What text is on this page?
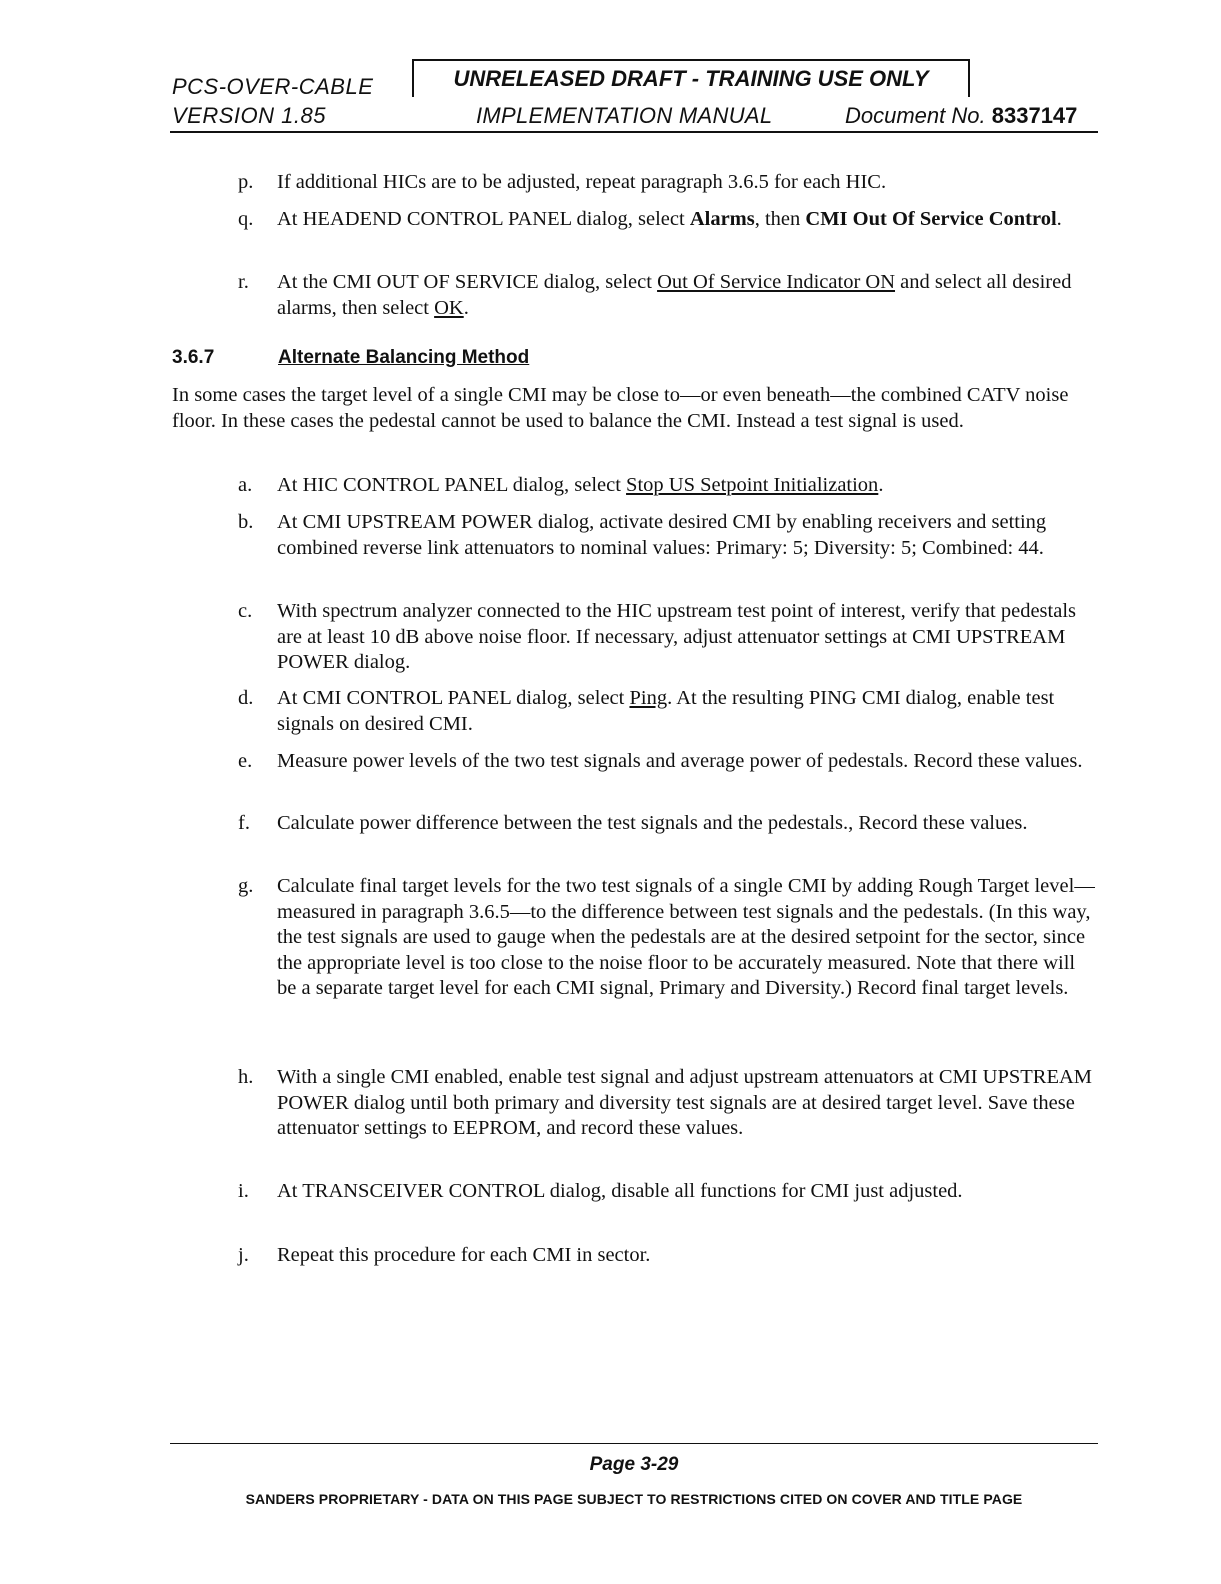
PCS-OVER-CABLE
VERSION 1.85
UNRELEASED DRAFT - TRAINING USE ONLY
IMPLEMENTATION MANUAL	Document No. 8337147
p.	If additional HICs are to be adjusted, repeat paragraph 3.6.5 for each HIC.
q.	At HEADEND CONTROL PANEL dialog, select Alarms, then CMI Out Of Service Control.
r.	At the CMI OUT OF SERVICE dialog, select Out Of Service Indicator ON and select all desired alarms, then select OK.
3.6.7	Alternate Balancing Method
In some cases the target level of a single CMI may be close to—or even beneath—the combined CATV noise floor. In these cases the pedestal cannot be used to balance the CMI. Instead a test signal is used.
a.	At HIC CONTROL PANEL dialog, select Stop US Setpoint Initialization.
b.	At CMI UPSTREAM POWER dialog, activate desired CMI by enabling receivers and setting combined reverse link attenuators to nominal values: Primary: 5; Diversity: 5; Combined: 44.
c.	With spectrum analyzer connected to the HIC upstream test point of interest, verify that pedestals are at least 10 dB above noise floor. If necessary, adjust attenuator settings at CMI UPSTREAM POWER dialog.
d.	At CMI CONTROL PANEL dialog, select Ping. At the resulting PING CMI dialog, enable test signals on desired CMI.
e.	Measure power levels of the two test signals and average power of pedestals. Record these values.
f.	Calculate power difference between the test signals and the pedestals., Record these values.
g.	Calculate final target levels for the two test signals of a single CMI by adding Rough Target level—measured in paragraph 3.6.5—to the difference between test signals and the pedestals. (In this way, the test signals are used to gauge when the pedestals are at the desired setpoint for the sector, since the appropriate level is too close to the noise floor to be accurately measured. Note that there will be a separate target level for each CMI signal, Primary and Diversity.) Record final target levels.
h.	With a single CMI enabled, enable test signal and adjust upstream attenuators at CMI UPSTREAM POWER dialog until both primary and diversity test signals are at desired target level. Save these attenuator settings to EEPROM, and record these values.
i.	At TRANSCEIVER CONTROL dialog, disable all functions for CMI just adjusted.
j.	Repeat this procedure for each CMI in sector.
Page 3-29
SANDERS PROPRIETARY - DATA ON THIS PAGE SUBJECT TO RESTRICTIONS CITED ON COVER AND TITLE PAGE
